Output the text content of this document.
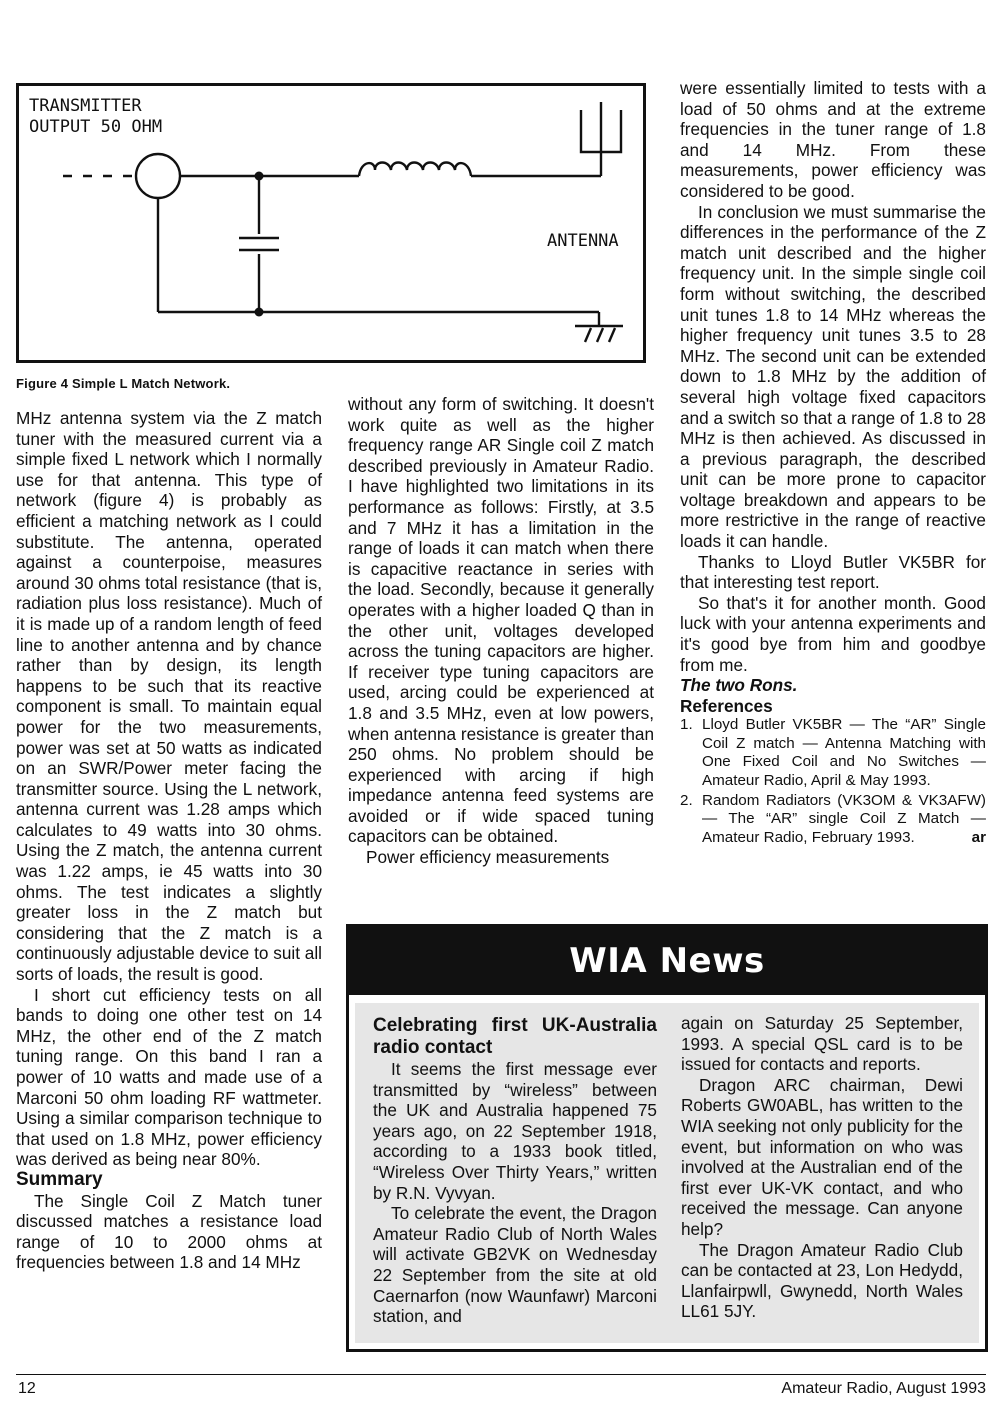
TRANSMITTER
OUTPUT 50 OHM
ANTENNA
Figure 4 Simple L Match Network.

MHz antenna system via the Z match tuner with the measured current via a simple fixed L network which I normally use for that antenna. This type of network (figure 4) is probably as efficient a matching network as I could substitute. The antenna, operated against a counterpoise, measures around 30 ohms total resistance (that is, radiation plus loss resistance). Much of it is made up of a random length of feed line to another antenna and by chance rather than by design, its length happens to be such that its reactive component is small. To maintain equal power for the two measurements, power was set at 50 watts as indicated on an SWR/Power meter facing the transmitter source. Using the L network, antenna current was 1.28 amps which calculates to 49 watts into 30 ohms. Using the Z match, the antenna current was 1.22 amps, ie 45 watts into 30 ohms. The test indicates a slightly greater loss in the Z match but considering that the Z match is a continuously adjustable device to suit all sorts of loads, the result is good.

I short cut efficiency tests on all bands to doing one other test on 14 MHz, the other end of the Z match tuning range. On this band I ran a power of 10 watts and made use of a Marconi 50 ohm loading RF wattmeter. Using a similar comparison technique to that used on 1.8 MHz, power efficiency was derived as being near 80%.

Summary

The Single Coil Z Match tuner discussed matches a resistance load range of 10 to 2000 ohms at frequencies between 1.8 and 14 MHz

without any form of switching. It doesn't work quite as well as the higher frequency range AR Single coil Z match described previously in Amateur Radio. I have highlighted two limitations in its performance as follows: Firstly, at 3.5 and 7 MHz it has a limitation in the range of loads it can match when there is capacitive reactance in series with the load. Secondly, because it generally operates with a higher loaded Q than in the other unit, voltages developed across the tuning capacitors are higher. If receiver type tuning capacitors are used, arcing could be experienced at 1.8 and 3.5 MHz, even at low powers, when antenna resistance is greater than 250 ohms. No problem should be experienced with arcing if high impedance antenna feed systems are avoided or if wide spaced tuning capacitors can be obtained.

Power efficiency measurements

were essentially limited to tests with a load of 50 ohms and at the extreme frequencies in the tuner range of 1.8 and 14 MHz. From these measurements, power efficiency was considered to be good.

In conclusion we must summarise the differences in the performance of the Z match unit described and the higher frequency unit. In the simple single coil form without switching, the described unit tunes 1.8 to 14 MHz whereas the higher frequency unit tunes 3.5 to 28 MHz. The second unit can be extended down to 1.8 MHz by the addition of several high voltage fixed capacitors and a switch so that a range of 1.8 to 28 MHz is then achieved. As discussed in a previous paragraph, the described unit can be more prone to capacitor voltage breakdown and appears to be more restrictive in the range of reactive loads it can handle.

Thanks to Lloyd Butler VK5BR for that interesting test report.

So that's it for another month. Good luck with your antenna experiments and it's good bye from him and goodbye from me.

The two Rons.

References

1. Lloyd Butler VK5BR — The “AR” Single Coil Z match — Antenna Matching with One Fixed Coil and No Switches — Amateur Radio, April & May 1993.
2. Random Radiators (VK3OM & VK3AFW) — The “AR” single Coil Z Match — Amateur Radio, February 1993.	ar
WIA News

Celebrating first UK-Australia radio contact

It seems the first message ever transmitted by “wireless” between the UK and Australia happened 75 years ago, on 22 September 1918, according to a 1933 book titled, “Wireless Over Thirty Years,” written by R.N. Vyvyan.

To celebrate the event, the Dragon Amateur Radio Club of North Wales will activate GB2VK on Wednesday 22 September from the site at old Caernarfon (now Waunfawr) Marconi station, and

again on Saturday 25 September, 1993. A special QSL card is to be issued for contacts and reports.

Dragon ARC chairman, Dewi Roberts GW0ABL, has written to the WIA seeking not only publicity for the event, but information on who was involved at the Australian end of the first ever UK-VK contact, and who received the message. Can anyone help?

The Dragon Amateur Radio Club can be contacted at 23, Lon Hedydd, Llanfairpwll, Gwynedd, North Wales LL61 5JY.

12	Amateur Radio, August 1993
